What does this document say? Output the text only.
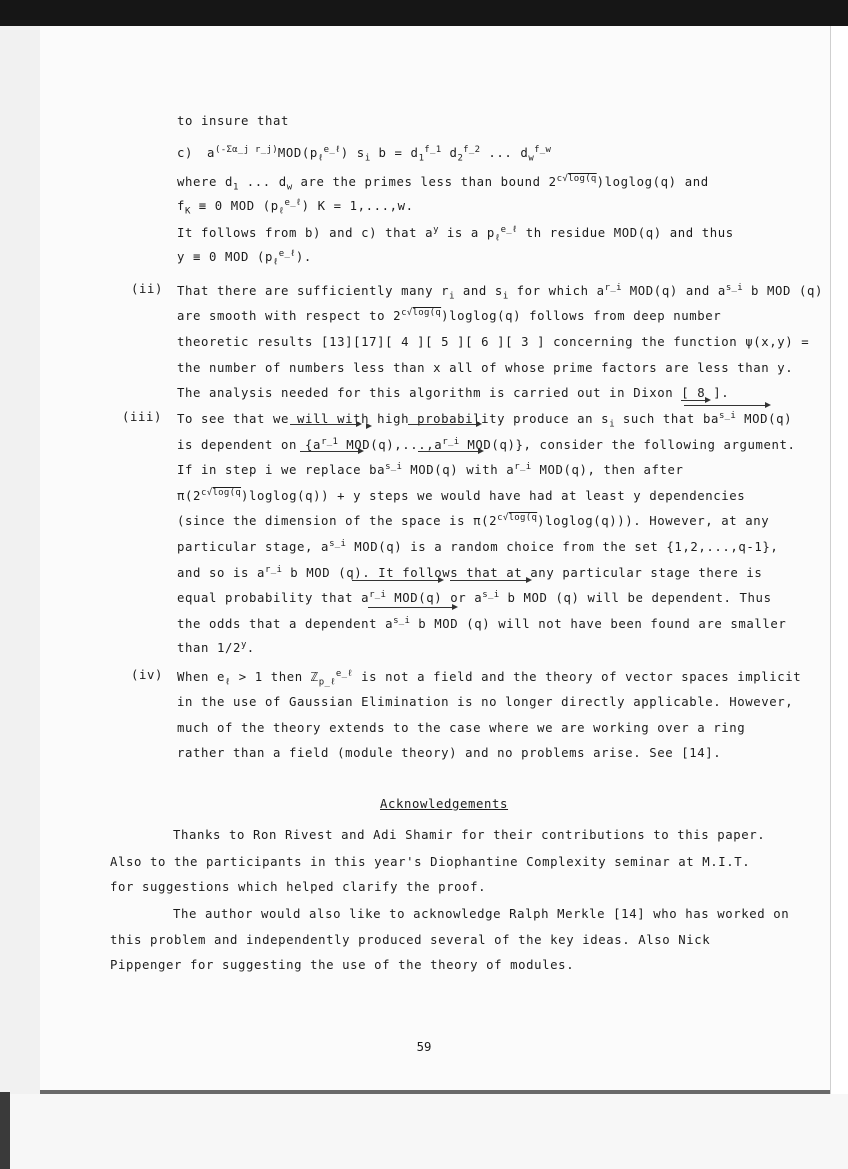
to insure that
c) $a^{(-\Sigma\alpha\_j r\_j)}MOD(p_\ell^{e\_\ell})$ $s_i$ $b = d_1^{f\_1}$ $d_2^{f\_2}$ ... $d_w^{f\_w}$
where $d_1$ ... $d_w$ are the primes less than bound $2^{c√log(q})loglog(q)$ and
$f_K \equiv 0$ MOD $(p_\ell^{e\_\ell}) K = 1,...,w$.
It follows from b) and c) that $a^y$ is a $p_\ell^{e\_\ell}$ th residue MOD(q) and thus
y ≡ 0 MOD $(p_\ell^{e\_\ell})$.
(ii) That there are sufficiently many $r_i$ and $s_i$ for which $a^{r\_i}$ MOD(q) and $a^{s\_i}$ b MOD (q)
are smooth with respect to $2^{c√log(q})loglog(q)$ follows from deep number
theoretic results [13][17][ 4 ][ 5 ][ 6 ][ 3 ] concerning the function ψ(x,y) =
the number of numbers less than x all of whose prime factors are less than y.
The analysis needed for this algorithm is carried out in Dixon [ 8 ].
(iii) To see that we will with high probability produce an $s_i$ such that $ba^{s\_i}$ MOD(q)
is dependent on {$a^{r\_1}$ $MOD(q),...,a^{r\_i}$ MOD(q)}, consider the following argument.
If in step i we replace $ba^{s\_i}$ MOD(q) with $a^{r\_i}$ MOD(q), then after
$\pi(2^{c√log(q})loglog(q)) + y$ steps we would have had at least y dependencies
(since the dimension of the space is $\pi(2^{c√log(q})loglog(q)$)). However, at any
particular stage, $a^{s\_i}$ MOD(q) is a random choice from the set {1,2,...,q-1},
and so is $a^{r\_i}$ b MOD (q). It follows that at any particular stage there is
equal probability that $a^{r\_i}$ MOD(q) or $a^{s\_i}$ b MOD (q) will be dependent. Thus
the odds that a dependent $a^{s\_i}$ b MOD (q) will not have been found are smaller
than 1/2$^y$.
(iv) When $e_\ell > 1$ then ℤ$_{p\_\ell}^{e\_\ell}$ is not a field and the theory of vector spaces implicit
in the use of Gaussian Elimination is no longer directly applicable. However,
much of the theory extends to the case where we are working over a ring
rather than a field (module theory) and no problems arise. See [14].
Acknowledgements
Thanks to Ron Rivest and Adi Shamir for their contributions to this paper.
Also to the participants in this year's Diophantine Complexity seminar at M.I.T.
for suggestions which helped clarify the proof.
The author would also like to acknowledge Ralph Merkle [14] who has worked on
this problem and independently produced several of the key ideas. Also Nick
Pippenger for suggesting the use of the theory of modules.
59
